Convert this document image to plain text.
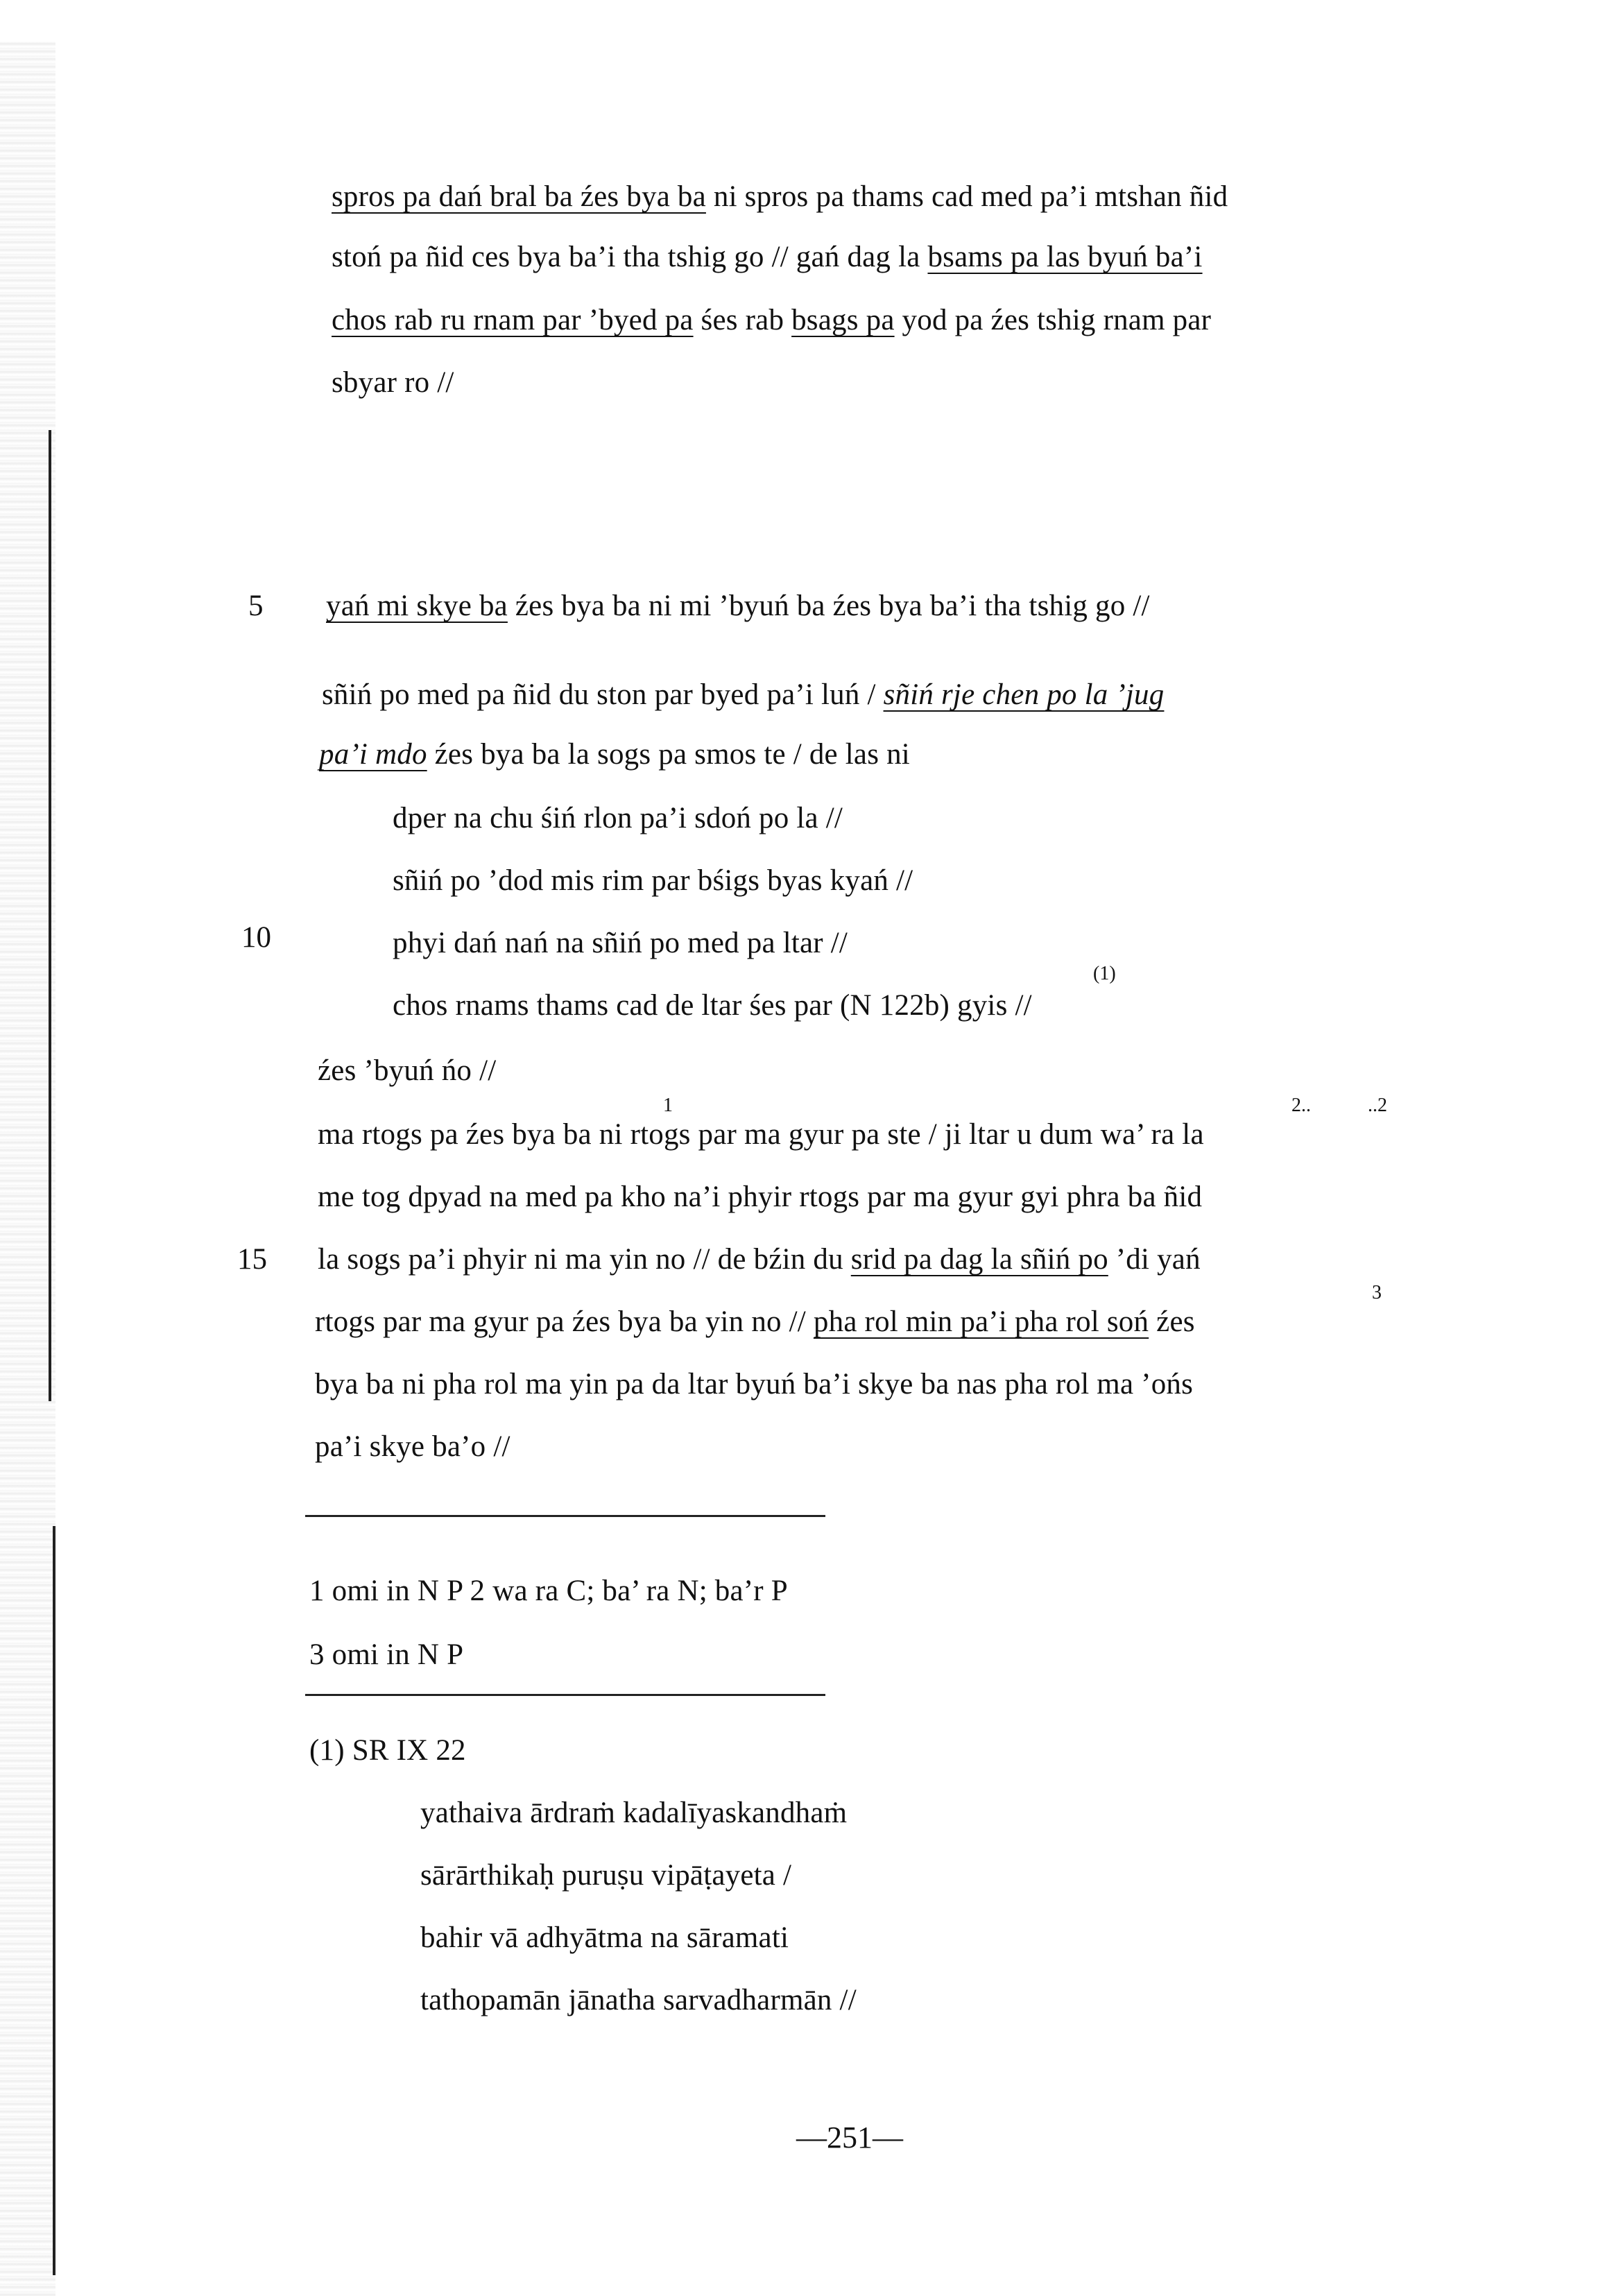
spros pa dań bral ba źes bya ba ni spros pa thams cad med pa’i mtshan ñid
stoń pa ñid ces bya ba’i tha tshig go // gań dag la bsams pa las byuń ba’i
chos rab ru rnam par ’byed pa śes rab bsags pa yod pa źes tshig rnam par
sbyar ro //
5 yań mi skye ba źes bya ba ni mi ’byuń ba źes bya ba’i tha tshig go //
sñiń po med pa ñid du ston par byed pa’i luń / sñiń rje chen po la ’jug
pa’i mdo źes bya ba la sogs pa smos te / de las ni
dper na chu śiń rlon pa’i sdoń po la //
sñiń po ’dod mis rim par bśigs byas kyań //
10	phyi dań nań na sñiń po med pa ltar //
(1)
chos rnams thams cad de ltar śes par (N 122b) gyis //
źes ’byuń ńo //
1	2..	..2
ma rtogs pa źes bya ba ni rtogs par ma gyur pa ste / ji ltar u dum wa’ ra la
me tog dpyad na med pa kho na’i phyir rtogs par ma gyur gyi phra ba ñid
15 la sogs pa’i phyir ni ma yin no // de bźin du srid pa dag la sñiń po ’di yań
3
rtogs par ma gyur pa źes bya ba yin no // pha rol min pa’i pha rol soń źes
bya ba ni pha rol ma yin pa da ltar byuń ba’i skye ba nas pha rol ma ’ońs
pa’i skye ba’o //
1 omi in N P 2 wa ra C; ba’ ra N; ba’r P
3 omi in N P
(1) SR IX 22
yathaiva ārdraṁ kadalīyaskandhaṁ
sārārthikaḥ puruṣu vipāṭayeta /
bahir vā adhyātma na sāramati
tathopamān jānatha sarvadharmān //
—251—
